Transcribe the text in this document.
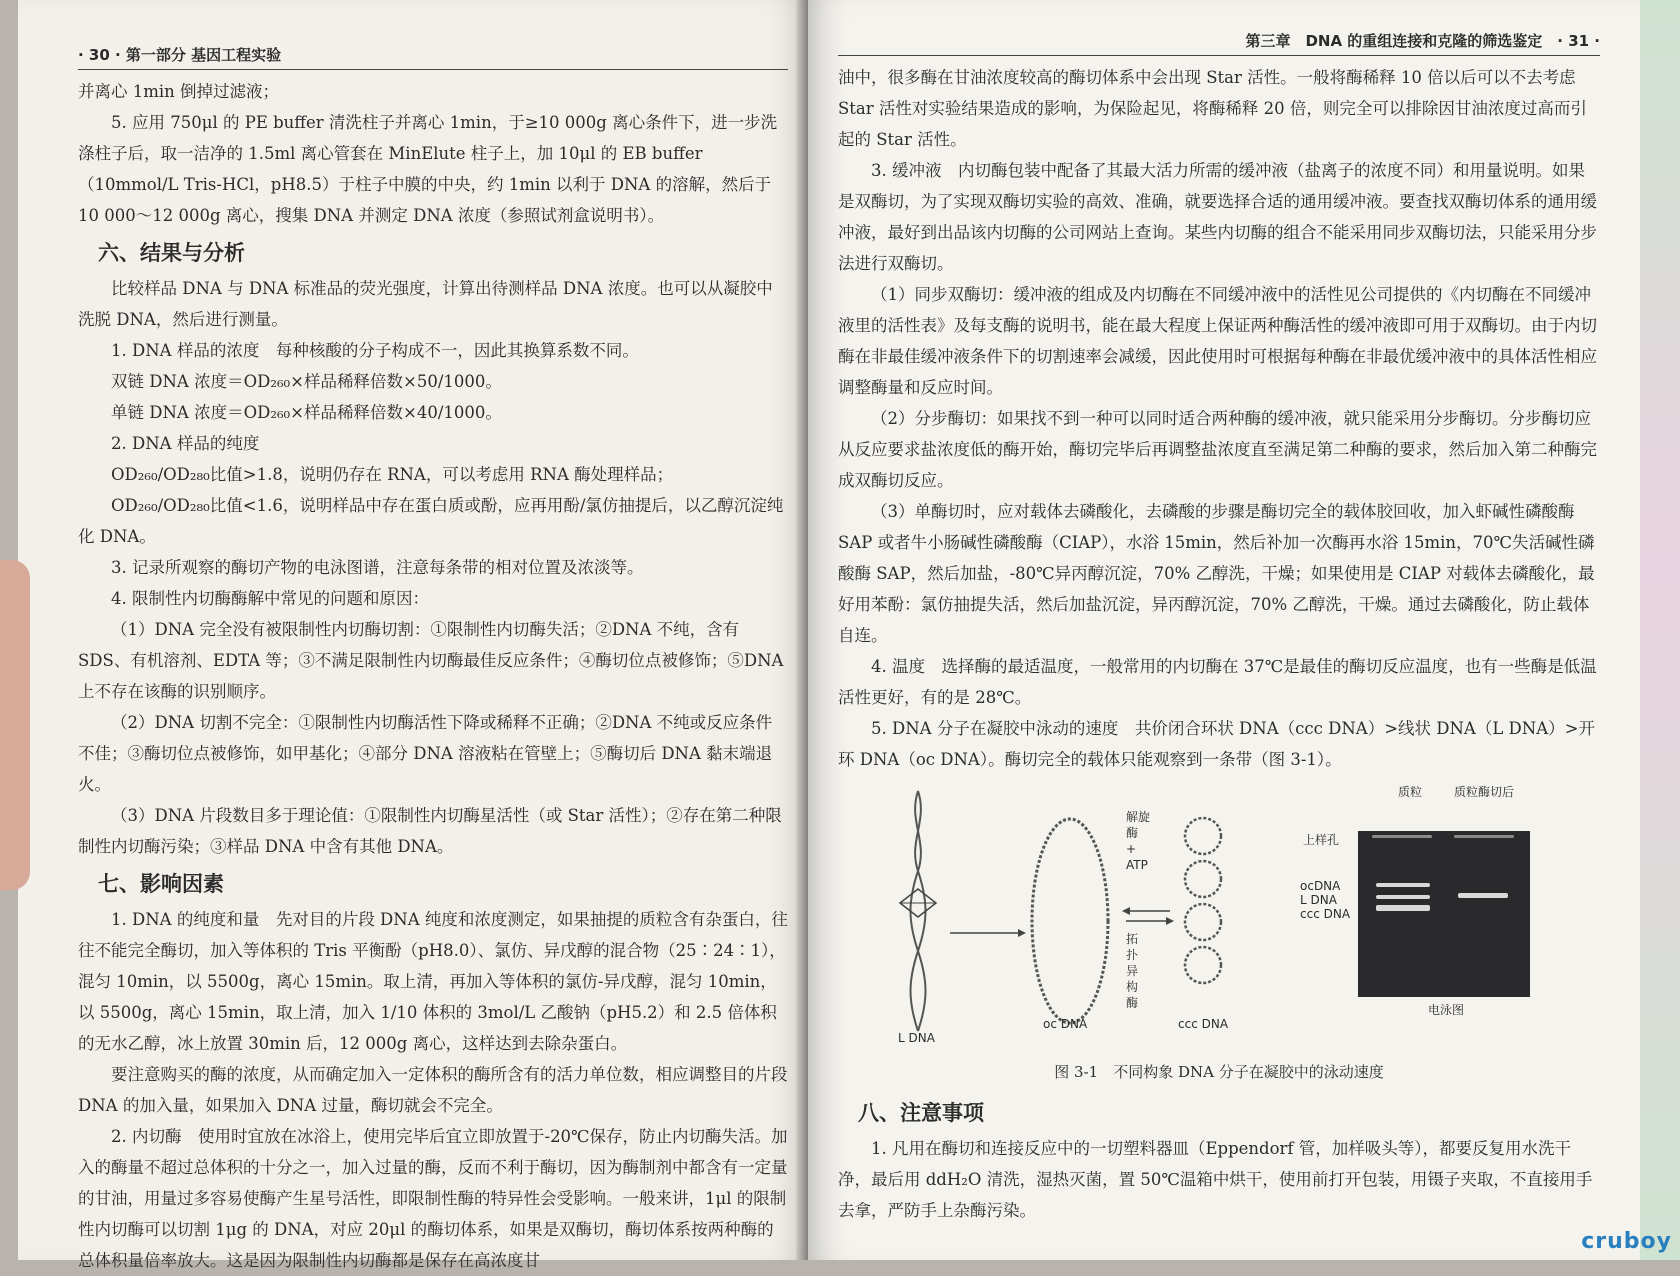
· 30 · 第一部分 基因工程实验

并离心 1min 倒掉过滤液；

5. 应用 750μl 的 PE buffer 清洗柱子并离心 1min，于≥10 000g 离心条件下，进一步洗涤柱子后，取一洁净的 1.5ml 离心管套在 MinElute 柱子上，加 10μl 的 EB buffer（10mmol/L Tris-HCl，pH8.5）于柱子中膜的中央，约 1min 以利于 DNA 的溶解，然后于 10 000～12 000g 离心，搜集 DNA 并测定 DNA 浓度（参照试剂盒说明书）。

六、结果与分析

比较样品 DNA 与 DNA 标准品的荧光强度，计算出待测样品 DNA 浓度。也可以从凝胶中洗脱 DNA，然后进行测量。

1. DNA 样品的浓度　每种核酸的分子构成不一，因此其换算系数不同。

双链 DNA 浓度＝OD₂₆₀×样品稀释倍数×50/1000。

单链 DNA 浓度＝OD₂₆₀×样品稀释倍数×40/1000。

2. DNA 样品的纯度

OD₂₆₀/OD₂₈₀比值>1.8，说明仍存在 RNA，可以考虑用 RNA 酶处理样品；

OD₂₆₀/OD₂₈₀比值<1.6，说明样品中存在蛋白质或酚，应再用酚/氯仿抽提后，以乙醇沉淀纯化 DNA。

3. 记录所观察的酶切产物的电泳图谱，注意每条带的相对位置及浓淡等。

4. 限制性内切酶酶解中常见的问题和原因：

（1）DNA 完全没有被限制性内切酶切割：①限制性内切酶失活；②DNA 不纯，含有 SDS、有机溶剂、EDTA 等；③不满足限制性内切酶最佳反应条件；④酶切位点被修饰；⑤DNA 上不存在该酶的识别顺序。

（2）DNA 切割不完全：①限制性内切酶活性下降或稀释不正确；②DNA 不纯或反应条件不佳；③酶切位点被修饰，如甲基化；④部分 DNA 溶液粘在管壁上；⑤酶切后 DNA 黏末端退火。

（3）DNA 片段数目多于理论值：①限制性内切酶星活性（或 Star 活性）；②存在第二种限制性内切酶污染；③样品 DNA 中含有其他 DNA。

七、影响因素

1. DNA 的纯度和量　先对目的片段 DNA 纯度和浓度测定，如果抽提的质粒含有杂蛋白，往往不能完全酶切，加入等体积的 Tris 平衡酚（pH8.0）、氯仿、异戊醇的混合物（25∶24∶1），混匀 10min，以 5500g，离心 15min。取上清，再加入等体积的氯仿-异戊醇，混匀 10min，以 5500g，离心 15min，取上清，加入 1/10 体积的 3mol/L 乙酸钠（pH5.2）和 2.5 倍体积的无水乙醇，冰上放置 30min 后，12 000g 离心，这样达到去除杂蛋白。

要注意购买的酶的浓度，从而确定加入一定体积的酶所含有的活力单位数，相应调整目的片段 DNA 的加入量，如果加入 DNA 过量，酶切就会不完全。

2. 内切酶　使用时宜放在冰浴上，使用完毕后宜立即放置于-20℃保存，防止内切酶失活。加入的酶量不超过总体积的十分之一，加入过量的酶，反而不利于酶切，因为酶制剂中都含有一定量的甘油，用量过多容易使酶产生星号活性，即限制性酶的特异性会受影响。一般来讲，1μl 的限制性内切酶可以切割 1μg 的 DNA，对应 20μl 的酶切体系，如果是双酶切，酶切体系按两种酶的总体积量倍率放大。这是因为限制性内切酶都是保存在高浓度甘

第三章　DNA 的重组连接和克隆的筛选鉴定　· 31 ·

油中，很多酶在甘油浓度较高的酶切体系中会出现 Star 活性。一般将酶稀释 10 倍以后可以不去考虑 Star 活性对实验结果造成的影响，为保险起见，将酶稀释 20 倍，则完全可以排除因甘油浓度过高而引起的 Star 活性。

3. 缓冲液　内切酶包装中配备了其最大活力所需的缓冲液（盐离子的浓度不同）和用量说明。如果是双酶切，为了实现双酶切实验的高效、准确，就要选择合适的通用缓冲液。要查找双酶切体系的通用缓冲液，最好到出品该内切酶的公司网站上查询。某些内切酶的组合不能采用同步双酶切法，只能采用分步法进行双酶切。

（1）同步双酶切：缓冲液的组成及内切酶在不同缓冲液中的活性见公司提供的《内切酶在不同缓冲液里的活性表》及每支酶的说明书，能在最大程度上保证两种酶活性的缓冲液即可用于双酶切。由于内切酶在非最佳缓冲液条件下的切割速率会减缓，因此使用时可根据每种酶在非最优缓冲液中的具体活性相应调整酶量和反应时间。

（2）分步酶切：如果找不到一种可以同时适合两种酶的缓冲液，就只能采用分步酶切。分步酶切应从反应要求盐浓度低的酶开始，酶切完毕后再调整盐浓度直至满足第二种酶的要求，然后加入第二种酶完成双酶切反应。

（3）单酶切时，应对载体去磷酸化，去磷酸的步骤是酶切完全的载体胶回收，加入虾碱性磷酸酶 SAP 或者牛小肠碱性磷酸酶（CIAP），水浴 15min，然后补加一次酶再水浴 15min，70℃失活碱性磷酸酶 SAP，然后加盐，-80℃异丙醇沉淀，70% 乙醇洗，干燥；如果使用是 CIAP 对载体去磷酸化，最好用苯酚：氯仿抽提失活，然后加盐沉淀，异丙醇沉淀，70% 乙醇洗，干燥。通过去磷酸化，防止载体自连。

4. 温度　选择酶的最适温度，一般常用的内切酶在 37℃是最佳的酶切反应温度，也有一些酶是低温活性更好，有的是 28℃。

5. DNA 分子在凝胶中泳动的速度　共价闭合环状 DNA（ccc DNA）>线状 DNA（L DNA）>开环 DNA（oc DNA）。酶切完全的载体只能观察到一条带（图 3-1）。

L DNA
oc DNA	ccc DNA
解旋酶 + ATP
拓扑异构酶
质粒	质粒酶切后
上样孔
ocDNA
L DNA
ccc DNA
电泳图
图 3-1　不同构象 DNA 分子在凝胶中的泳动速度
八、注意事项

1. 凡用在酶切和连接反应中的一切塑料器皿（Eppendorf 管，加样吸头等），都要反复用水洗干净，最后用 ddH₂O 清洗，湿热灭菌，置 50℃温箱中烘干，使用前打开包装，用镊子夹取，不直接用手去拿，严防手上杂酶污染。

cruboy
